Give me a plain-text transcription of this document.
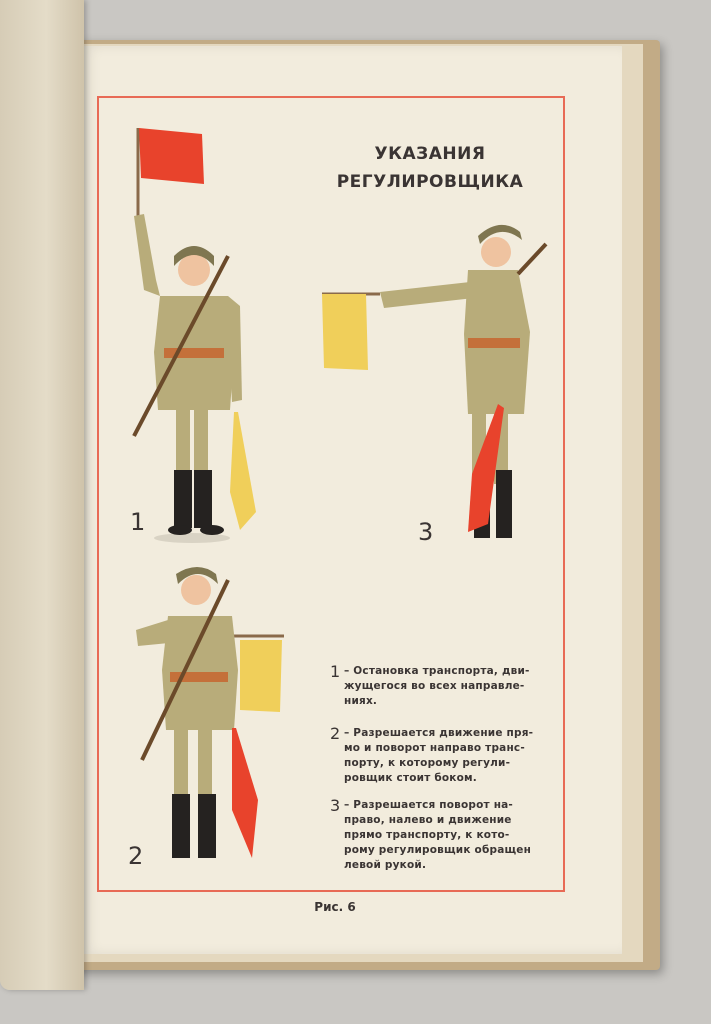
УКАЗАНИЯ
РЕГУЛИРОВЩИКА
1	3
2
1 – Остановка транспорта, дви-
жущегося во всех направле-
ниях.
2 – Разрешается движение пря-
мо и поворот направо транс-
порту, к которому регули-
ровщик стоит боком.
3 – Разрешается поворот на-
право, налево и движение
прямо транспорту, к кото-
рому регулировщик обращен
левой рукой.
Рис. 6
